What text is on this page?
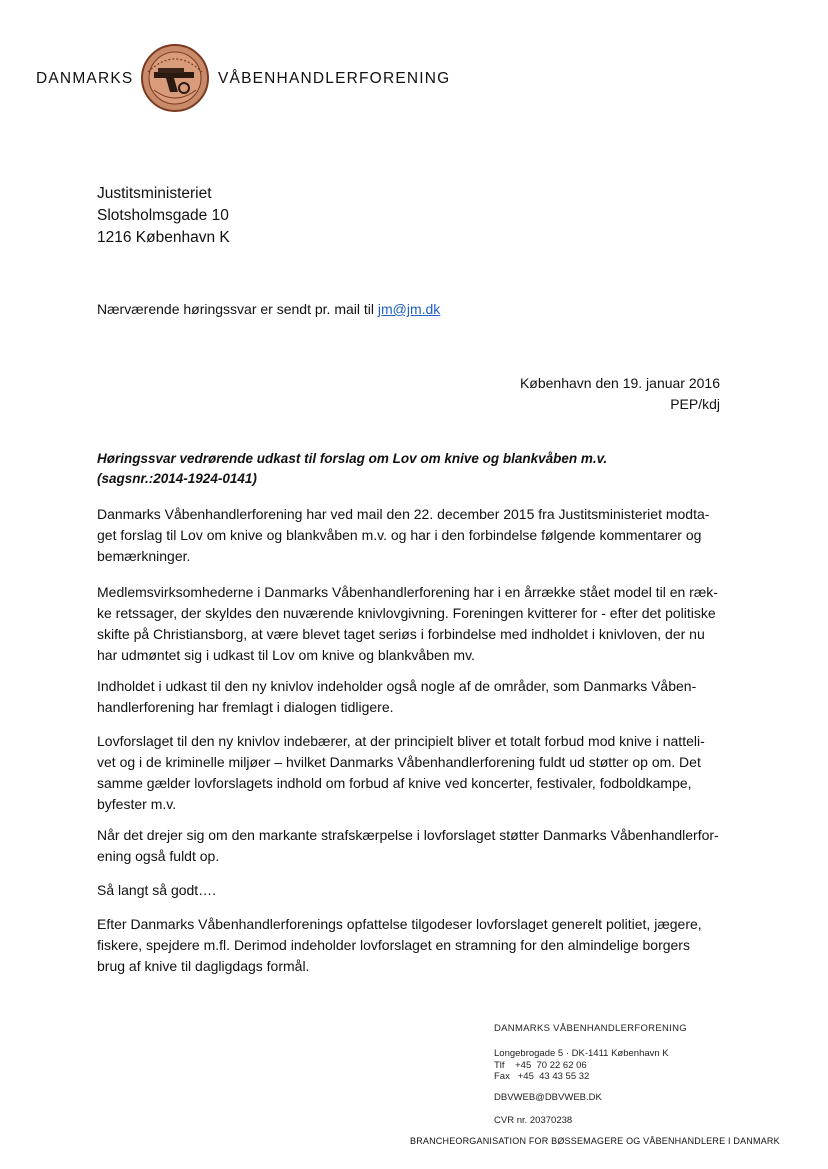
DANMARKS	VÅBENHANDLERFORENING
Justitsministeriet
Slotsholmsgade 10
1216 København K
Nærværende høringssvar er sendt pr. mail til jm@jm.dk
København den 19. januar 2016
PEP/kdj
Høringssvar vedrørende udkast til forslag om Lov om knive og blankvåben m.v.
(sagsnr.:2014-1924-0141)
Danmarks Våbenhandlerforening har ved mail den 22. december 2015 fra Justitsministeriet modta-
get forslag til Lov om knive og blankvåben m.v. og har i den forbindelse følgende kommentarer og
bemærkninger.
Medlemsvirksomhederne i Danmarks Våbenhandlerforening har i en årrække stået model til en ræk-
ke retssager, der skyldes den nuværende knivlovgivning. Foreningen kvitterer for - efter det politiske
skifte på Christiansborg, at være blevet taget seriøs i forbindelse med indholdet i knivloven, der nu
har udmøntet sig i udkast til Lov om knive og blankvåben mv.
Indholdet i udkast til den ny knivlov indeholder også nogle af de områder, som Danmarks Våben-
handlerforening har fremlagt i dialogen tidligere.
Lovforslaget til den ny knivlov indebærer, at der principielt bliver et totalt forbud mod knive i natteli-
vet og i de kriminelle miljøer – hvilket Danmarks Våbenhandlerforening fuldt ud støtter op om. Det
samme gælder lovforslagets indhold om forbud af knive ved koncerter, festivaler, fodboldkampe,
byfester m.v.
Når det drejer sig om den markante strafskærpelse i lovforslaget støtter Danmarks Våbenhandlerfor-
ening også fuldt op.
Så langt så godt….
Efter Danmarks Våbenhandlerforenings opfattelse tilgodeser lovforslaget generelt politiet, jægere,
fiskere, spejdere m.fl. Derimod indeholder lovforslaget en stramning for den almindelige borgers
brug af knive til dagligdags formål.
DANMARKS VÅBENHANDLERFORENING
Longebrogade 5 · DK-1411 København K
Tlf    +45  70 22 62 06
Fax   +45  43 43 55 32
DBVWEB@DBVWEB.DK
CVR nr. 20370238
BRANCHEORGANISATION FOR BØSSEMAGERE OG VÅBENHANDLERE I DANMARK
